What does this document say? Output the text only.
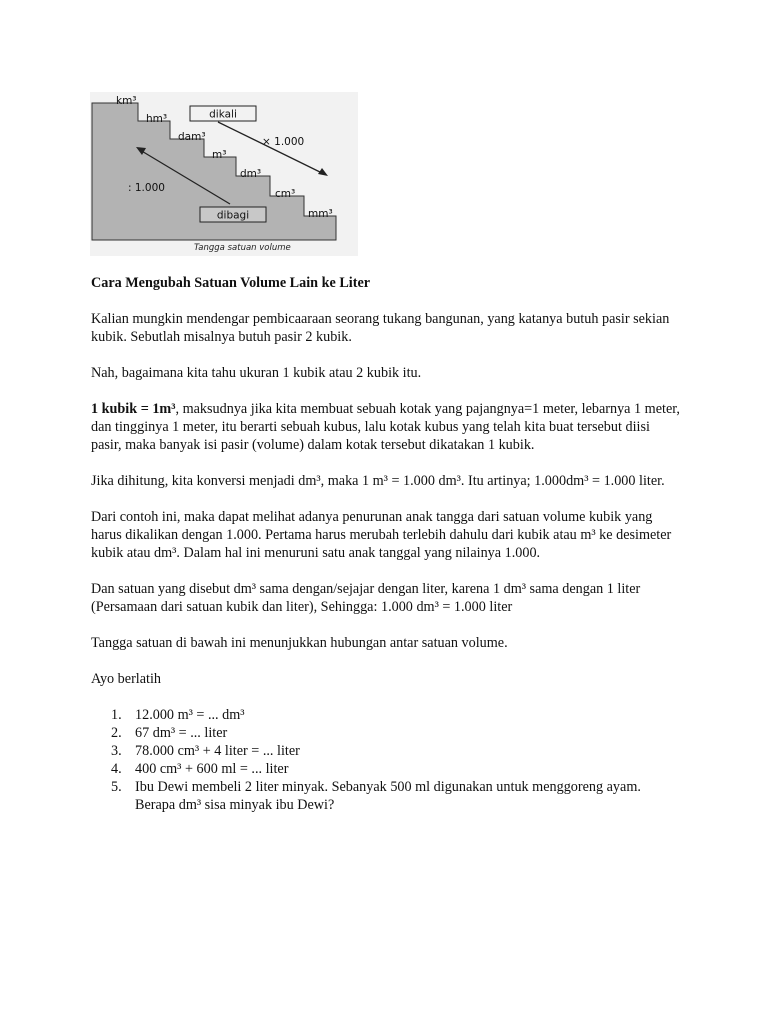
km³
hm³
dam³
m³
dm³
cm³
mm³
dikali
× 1.000
: 1.000
dibagi
Tangga satuan volume
Cara Mengubah Satuan Volume Lain ke Liter

Kalian mungkin mendengar pembicaaraan seorang tukang bangunan, yang katanya butuh pasir sekian kubik. Sebutlah misalnya butuh pasir 2 kubik.

Nah, bagaimana kita tahu ukuran 1 kubik atau 2 kubik itu.

1 kubik = 1m³, maksudnya jika kita membuat sebuah kotak yang pajangnya=1 meter, lebarnya 1 meter, dan tingginya 1 meter, itu berarti sebuah kubus, lalu kotak kubus yang telah kita buat tersebut diisi pasir, maka banyak isi pasir (volume) dalam kotak tersebut dikatakan 1 kubik.

Jika dihitung, kita konversi menjadi dm³, maka 1 m³ = 1.000 dm³. Itu artinya; 1.000dm³ = 1.000 liter.

Dari contoh ini, maka dapat melihat adanya penurunan anak tangga dari satuan volume kubik yang harus dikalikan dengan 1.000. Pertama harus merubah terlebih dahulu dari kubik atau m³ ke desimeter kubik atau dm³. Dalam hal ini menuruni satu anak tanggal yang nilainya 1.000.

Dan satuan yang disebut dm³ sama dengan/sejajar dengan liter, karena 1 dm³ sama dengan 1 liter (Persamaan dari satuan kubik dan liter), Sehingga: 1.000 dm³ = 1.000 liter

Tangga satuan di bawah ini menunjukkan hubungan antar satuan volume.

Ayo berlatih

1. 12.000 m³ = ... dm³
2. 67 dm³ = ... liter
3. 78.000 cm³ + 4 liter = ... liter
4. 400 cm³ + 600 ml = ... liter
5. Ibu Dewi membeli 2 liter minyak. Sebanyak 500 ml digunakan untuk menggoreng ayam. Berapa dm³ sisa minyak ibu Dewi?
